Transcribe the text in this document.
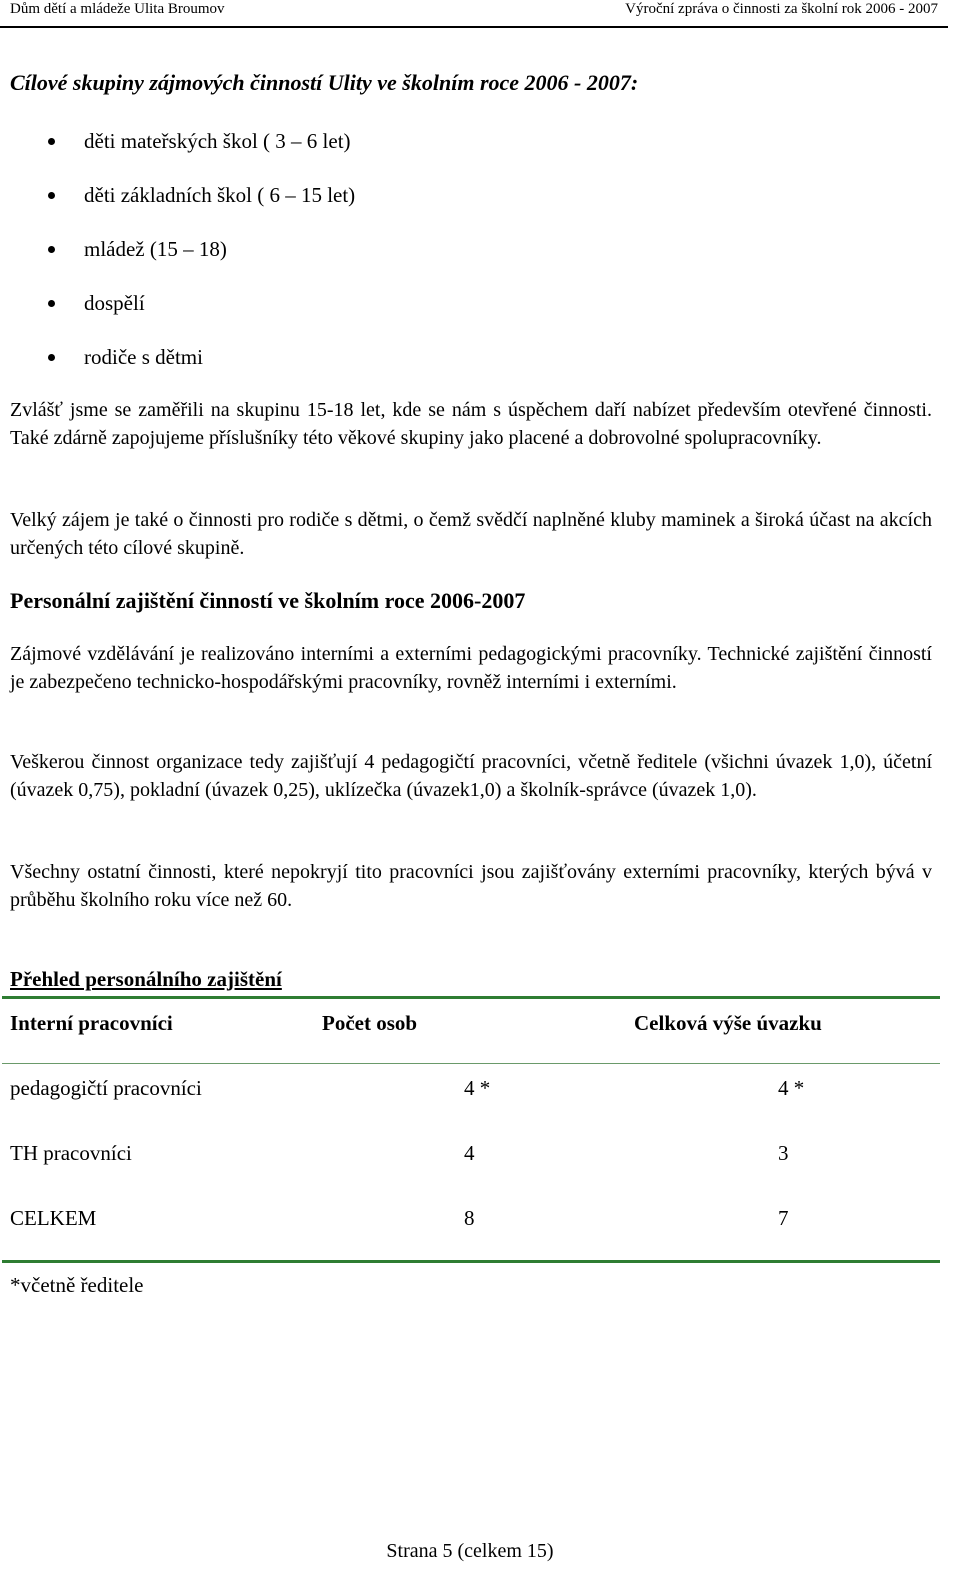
Dům dětí a mládeže Ulita Broumov	Výroční zpráva o činnosti za školní rok 2006 - 2007
Cílové skupiny zájmových činností Ulity ve školním roce 2006 - 2007:
děti mateřských škol ( 3 – 6 let)
děti základních škol ( 6 – 15 let)
mládež (15 – 18)
dospělí
rodiče s dětmi
Zvlášť jsme se zaměřili na skupinu 15-18 let, kde se nám s úspěchem daří nabízet především otevřené činnosti. Také zdárně zapojujeme příslušníky této věkové skupiny jako placené a dobrovolné spolupracovníky.
Velký zájem je také o činnosti pro rodiče s dětmi, o čemž svědčí naplněné kluby maminek a široká účast na akcích určených této cílové skupině.
Personální zajištění činností ve školním roce 2006-2007
Zájmové vzdělávání je realizováno interními a externími pedagogickými pracovníky. Technické zajištění činností je zabezpečeno technicko-hospodářskými pracovníky, rovněž interními i externími.
Veškerou činnost organizace tedy zajišťují 4 pedagogičtí pracovníci, včetně ředitele (všichni úvazek 1,0), účetní (úvazek 0,75), pokladní (úvazek 0,25), uklízečka (úvazek1,0) a školník-správce (úvazek 1,0).
Všechny ostatní činnosti, které nepokryjí tito pracovníci jsou zajišťovány externími pracovníky, kterých bývá v průběhu školního roku více než 60.
Přehled personálního zajištění
Interní pracovníci	Počet osob	Celková výše úvazku
pedagogičtí pracovníci	4 *	4 *
TH pracovníci	4	3
CELKEM	8	7
*včetně ředitele
Strana 5 (celkem 15)
